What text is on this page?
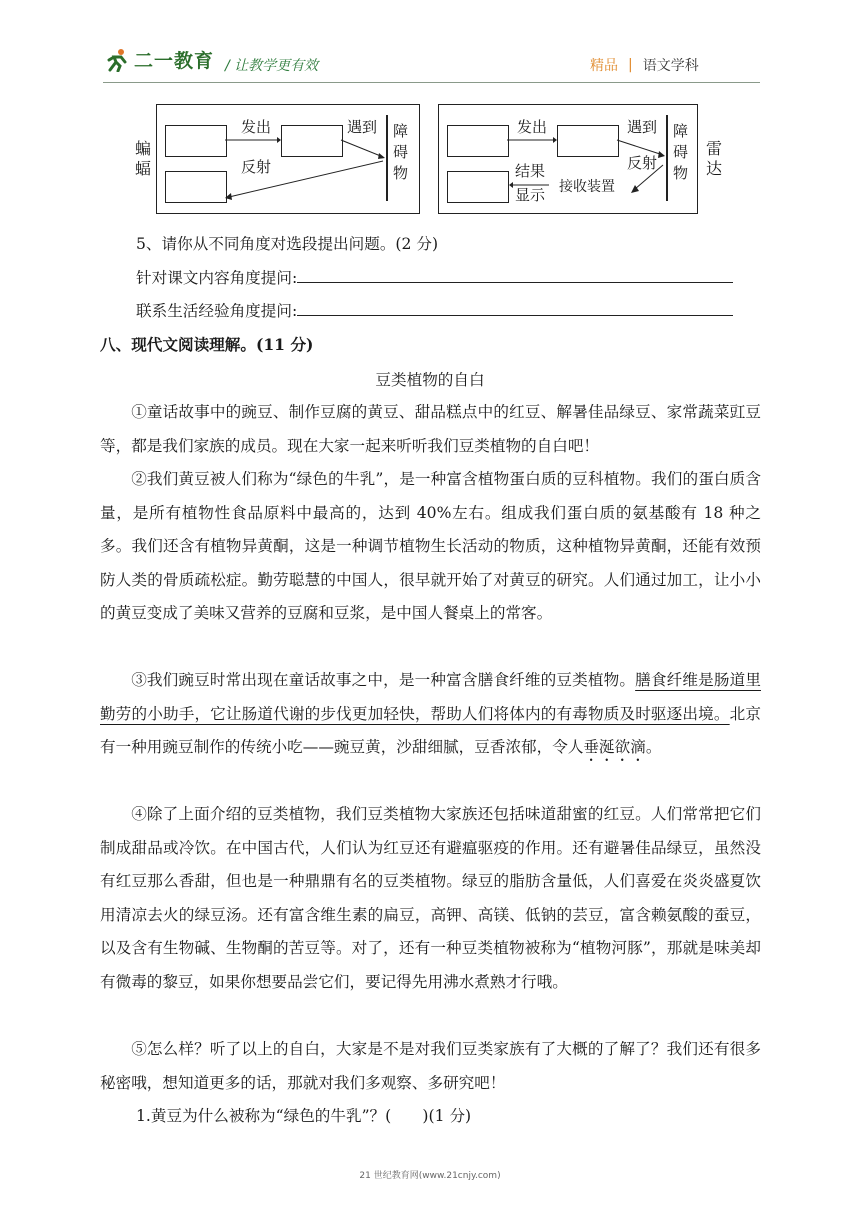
二一教育 / 让教学更有效	精品 | 语文学科
蝙蝠
发出	遇到
反射
障碍物
发出	遇到
反射
结果
显示 接收装置
障碍物
雷达
5、请你从不同角度对选段提出问题。(2 分)
针对课文内容角度提问:
联系生活经验角度提问:
八、现代文阅读理解。(11 分)
豆类植物的自白
①童话故事中的豌豆、制作豆腐的黄豆、甜品糕点中的红豆、解暑佳品绿豆、家常蔬菜豇豆等，都是我们家族的成员。现在大家一起来听听我们豆类植物的自白吧！
②我们黄豆被人们称为“绿色的牛乳”，是一种富含植物蛋白质的豆科植物。我们的蛋白质含量，是所有植物性食品原料中最高的，达到 40%左右。组成我们蛋白质的氨基酸有 18 种之多。我们还含有植物异黄酮，这是一种调节植物生长活动的物质，这种植物异黄酮，还能有效预防人类的骨质疏松症。勤劳聪慧的中国人，很早就开始了对黄豆的研究。人们通过加工，让小小的黄豆变成了美味又营养的豆腐和豆浆，是中国人餐桌上的常客。
③我们豌豆时常出现在童话故事之中，是一种富含膳食纤维的豆类植物。膳食纤维是肠道里勤劳的小助手，它让肠道代谢的步伐更加轻快，帮助人们将体内的有毒物质及时驱逐出境。北京有一种用豌豆制作的传统小吃——豌豆黄，沙甜细腻，豆香浓郁，令人垂涎欲滴。
④除了上面介绍的豆类植物，我们豆类植物大家族还包括味道甜蜜的红豆。人们常常把它们制成甜品或冷饮。在中国古代，人们认为红豆还有避瘟驱疫的作用。还有避暑佳品绿豆，虽然没有红豆那么香甜，但也是一种鼎鼎有名的豆类植物。绿豆的脂肪含量低，人们喜爱在炎炎盛夏饮用清凉去火的绿豆汤。还有富含维生素的扁豆，高钾、高镁、低钠的芸豆，富含赖氨酸的蚕豆，以及含有生物碱、生物酮的苦豆等。对了，还有一种豆类植物被称为“植物河豚”，那就是味美却有微毒的黎豆，如果你想要品尝它们，要记得先用沸水煮熟才行哦。
⑤怎么样？听了以上的自白，大家是不是对我们豆类家族有了大概的了解了？我们还有很多秘密哦，想知道更多的话，那就对我们多观察、多研究吧！
1.黄豆为什么被称为“绿色的牛乳”？(　　)(1 分)
21 世纪教育网(www.21cnjy.com)
